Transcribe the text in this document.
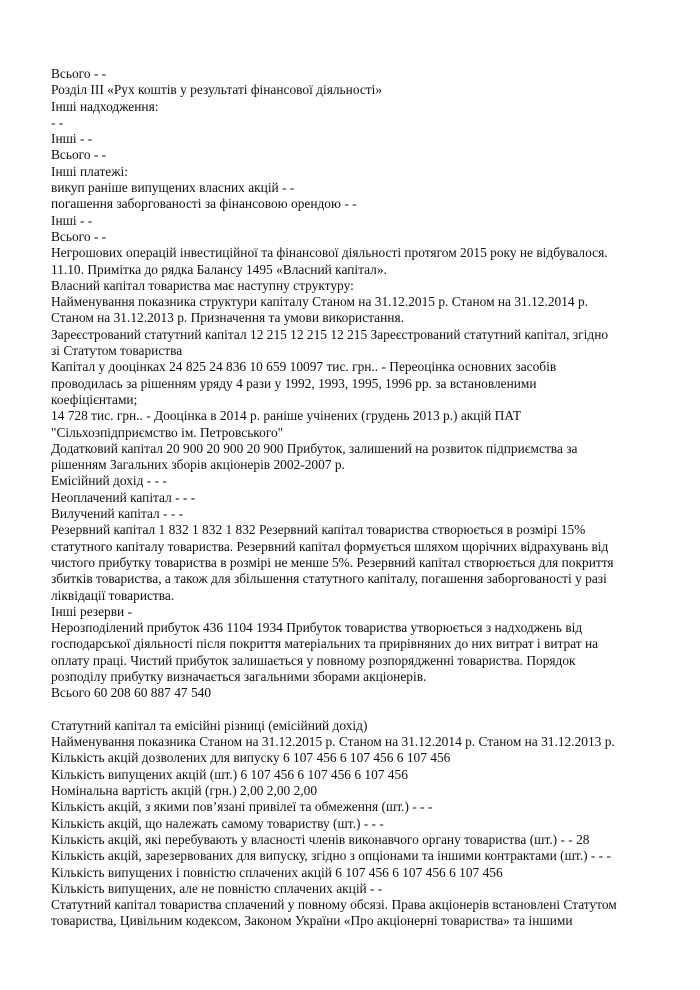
Всього - -
Розділ ІІІ «Рух коштів у результаті фінансової діяльності»
Інші надходження:
- -
Інші - -
Всього - -
Інші платежі:
викуп раніше випущених власних акцій - -
погашення заборгованості за фінансовою орендою - -
Інші - -
Всього - -
Негрошових операцій інвестиційної та фінансової діяльності протягом 2015 року не відбувалося.
11.10. Примітка до рядка Балансу 1495 «Власний капітал».
Власний капітал товариства має наступну структуру:
Найменування показника структури капіталу Станом на 31.12.2015 р. Станом на 31.12.2014 р.
Станом на 31.12.2013 р. Призначення та умови використання.
Зареєстрований статутний капітал 12 215 12 215 12 215 Зареєстрований статутний капітал, згідно
зі Статутом товариства
Капітал у дооцінках 24 825 24 836 10 659 10097 тис. грн.. - Переоцінка основних засобів
проводилась за рішенням уряду 4 рази у 1992, 1993, 1995, 1996 рр. за встановленими
коефіцієнтами;
14 728 тис. грн.. - Дооцінка в 2014 р. раніше учінених (грудень 2013 р.) акцій ПАТ
"Сільхозпідприємство ім. Петровського"
Додатковий капітал 20 900 20 900 20 900 Прибуток, залишений на розвиток підприємства за
рішенням Загальних зборів акціонерів 2002-2007 р.
Емісійний дохід - - -
Неоплачений капітал - - -
Вилучений капітал - - -
Резервний капітал 1 832 1 832 1 832 Резервний капітал товариства створюється в розмірі 15%
статутного капіталу товариства. Резервний капітал формується шляхом щорічних відрахувань від
чистого прибутку товариства в розмірі не менше 5%. Резервний капітал створюється для покриття
збитків товариства, а також для збільшення статутного капіталу, погашення заборгованості у разі
ліквідації товариства.
Інші резерви -
Нерозподілений прибуток 436 1104 1934 Прибуток товариства утворюється з надходжень від
господарської діяльності після покриття матеріальних та прирівняних до них витрат і витрат на
оплату праці. Чистий прибуток залишається у повному розпорядженні товариства. Порядок
розподілу прибутку визначається загальними зборами акціонерів.
Всього 60 208 60 887 47 540
Статутний капітал та емісійні різниці (емісійний дохід)
Найменування показника Станом на 31.12.2015 р. Станом на 31.12.2014 р. Станом на 31.12.2013 р.
Кількість акцій дозволених для випуску 6 107 456 6 107 456 6 107 456
Кількість випущених акцій (шт.) 6 107 456 6 107 456 6 107 456
Номінальна вартість акцій (грн.) 2,00 2,00 2,00
Кількість акцій, з якими пов’язані привілеї та обмеження (шт.) - - -
Кількість акцій, що належать самому товариству (шт.) - - -
Кількість акцій, які перебувають у власності членів виконавчого органу товариства (шт.) - - 28
Кількість акцій, зарезервованих для випуску, згідно з опціонами та іншими контрактами (шт.) - - -
Кількість випущених і повністю сплачених акцій 6 107 456 6 107 456 6 107 456
Кількість випущених, але не повністю сплачених акцій - -
Статутний капітал товариства сплачений у повному обсязі. Права акціонерів встановлені Статутом
товариства, Цивільним кодексом, Законом України «Про акціонерні товариства» та іншими
